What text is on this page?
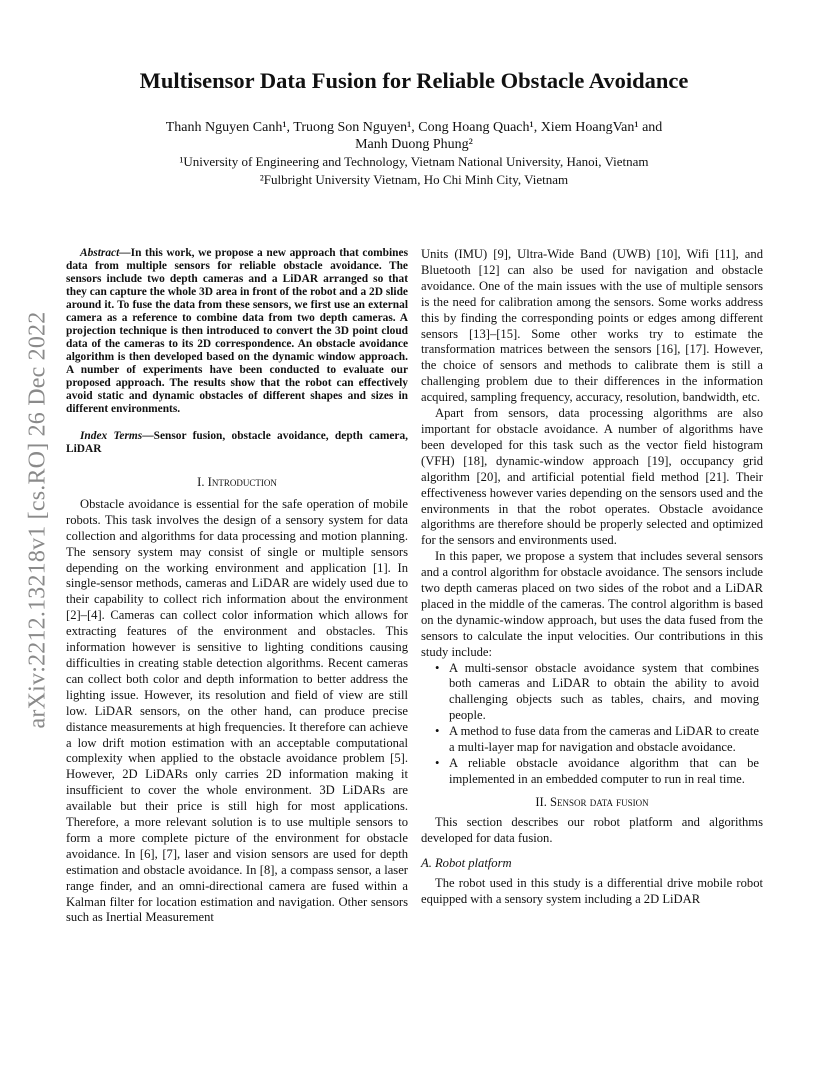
arXiv:2212.13218v1 [cs.RO] 26 Dec 2022
Multisensor Data Fusion for Reliable Obstacle Avoidance
Thanh Nguyen Canh¹, Truong Son Nguyen¹, Cong Hoang Quach¹, Xiem HoangVan¹ and
Manh Duong Phung²
¹University of Engineering and Technology, Vietnam National University, Hanoi, Vietnam
²Fulbright University Vietnam, Ho Chi Minh City, Vietnam

Abstract—In this work, we propose a new approach that combines data from multiple sensors for reliable obstacle avoidance. The sensors include two depth cameras and a LiDAR arranged so that they can capture the whole 3D area in front of the robot and a 2D slide around it. To fuse the data from these sensors, we first use an external camera as a reference to combine data from two depth cameras. A projection technique is then introduced to convert the 3D point cloud data of the cameras to its 2D correspondence. An obstacle avoidance algorithm is then developed based on the dynamic window approach. A number of experiments have been conducted to evaluate our proposed approach. The results show that the robot can effectively avoid static and dynamic obstacles of different shapes and sizes in different environments.

Index Terms—Sensor fusion, obstacle avoidance, depth camera, LiDAR

I. Introduction

Obstacle avoidance is essential for the safe operation of mobile robots. This task involves the design of a sensory system for data collection and algorithms for data processing and motion planning. The sensory system may consist of single or multiple sensors depending on the working environment and application [1]. In single-sensor methods, cameras and LiDAR are widely used due to their capability to collect rich information about the environment [2]–[4]. Cameras can collect color information which allows for extracting features of the environment and obstacles. This information however is sensitive to lighting conditions causing difficulties in creating stable detection algorithms. Recent cameras can collect both color and depth information to better address the lighting issue. However, its resolution and field of view are still low. LiDAR sensors, on the other hand, can produce precise distance measurements at high frequencies. It therefore can achieve a low drift motion estimation with an acceptable computational complexity when applied to the obstacle avoidance problem [5]. However, 2D LiDARs only carries 2D information making it insufficient to cover the whole environment. 3D LiDARs are available but their price is still high for most applications. Therefore, a more relevant solution is to use multiple sensors to form a more complete picture of the environment for obstacle avoidance. In [6], [7], laser and vision sensors are used for depth estimation and obstacle avoidance. In [8], a compass sensor, a laser range finder, and an omni-directional camera are fused within a Kalman filter for location estimation and navigation. Other sensors such as Inertial Measurement

Units (IMU) [9], Ultra-Wide Band (UWB) [10], Wifi [11], and Bluetooth [12] can also be used for navigation and obstacle avoidance. One of the main issues with the use of multiple sensors is the need for calibration among the sensors. Some works address this by finding the corresponding points or edges among different sensors [13]–[15]. Some other works try to estimate the transformation matrices between the sensors [16], [17]. However, the choice of sensors and methods to calibrate them is still a challenging problem due to their differences in the information acquired, sampling frequency, accuracy, resolution, bandwidth, etc.

Apart from sensors, data processing algorithms are also important for obstacle avoidance. A number of algorithms have been developed for this task such as the vector field histogram (VFH) [18], dynamic-window approach [19], occupancy grid algorithm [20], and artificial potential field method [21]. Their effectiveness however varies depending on the sensors used and the environments in that the robot operates. Obstacle avoidance algorithms are therefore should be properly selected and optimized for the sensors and environments used.

In this paper, we propose a system that includes several sensors and a control algorithm for obstacle avoidance. The sensors include two depth cameras placed on two sides of the robot and a LiDAR placed in the middle of the cameras. The control algorithm is based on the dynamic-window approach, but uses the data fused from the sensors to calculate the input velocities. Our contributions in this study include:

• A multi-sensor obstacle avoidance system that combines both cameras and LiDAR to obtain the ability to avoid challenging objects such as tables, chairs, and moving people.
• A method to fuse data from the cameras and LiDAR to create a multi-layer map for navigation and obstacle avoidance.
• A reliable obstacle avoidance algorithm that can be implemented in an embedded computer to run in real time.

II. Sensor data fusion

This section describes our robot platform and algorithms developed for data fusion.

A. Robot platform

The robot used in this study is a differential drive mobile robot equipped with a sensory system including a 2D LiDAR
